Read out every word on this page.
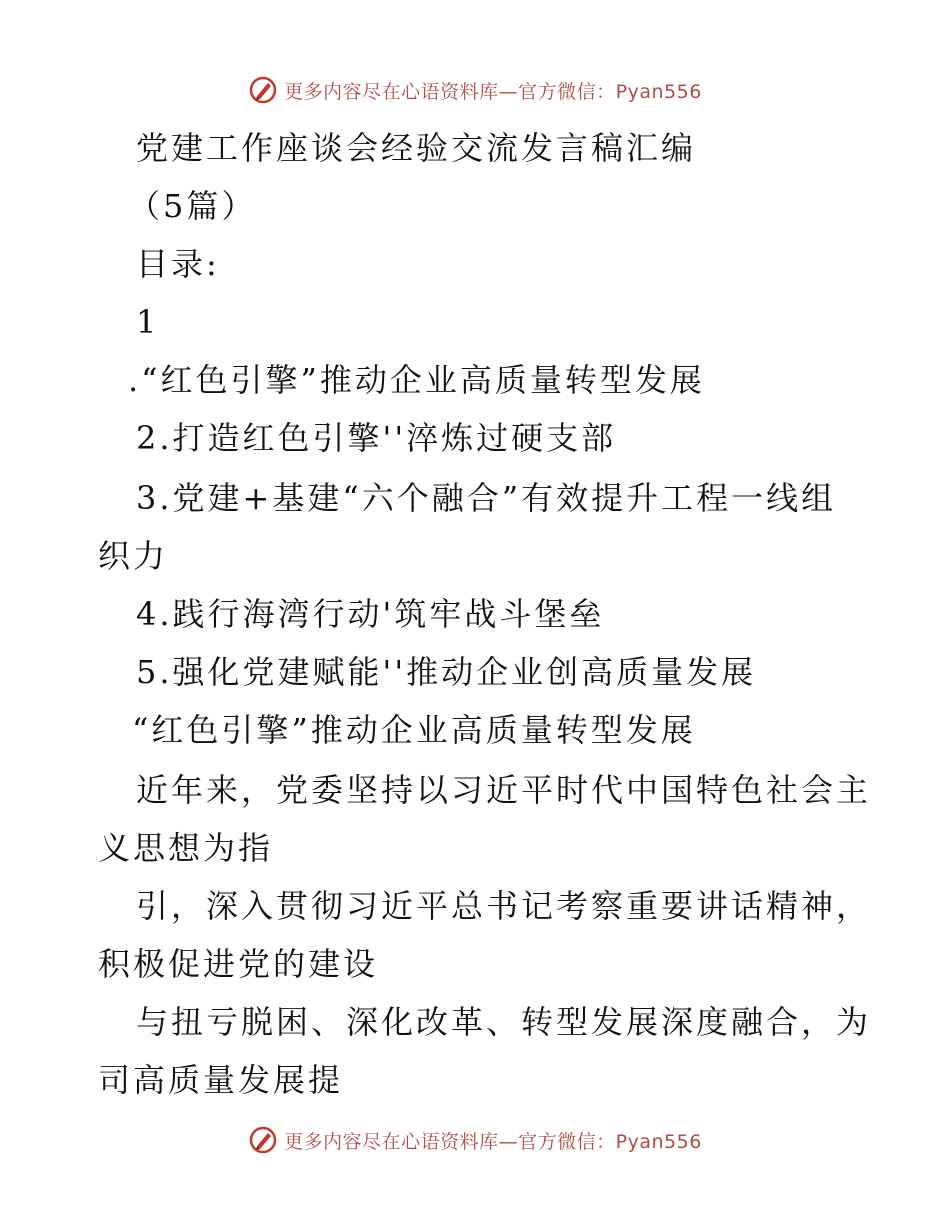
更多内容尽在心语资料库—官方微信：Pyan556
党建工作座谈会经验交流发言稿汇编
（5篇）
目录:
1
.“红色引擎”推动企业高质量转型发展
2.打造红色引擎''淬炼过硬支部
3.党建+基建“六个融合”有效提升工程一线组
织力
4.践行海湾行动'筑牢战斗堡垒
5.强化党建赋能''推动企业创高质量发展
“红色引擎”推动企业高质量转型发展
近年来，党委坚持以习近平时代中国特色社会主
义思想为指
引，深入贯彻习近平总书记考察重要讲话精神，
积极促进党的建设
与扭亏脱困、深化改革、转型发展深度融合，为
司高质量发展提
更多内容尽在心语资料库—官方微信：Pyan556
